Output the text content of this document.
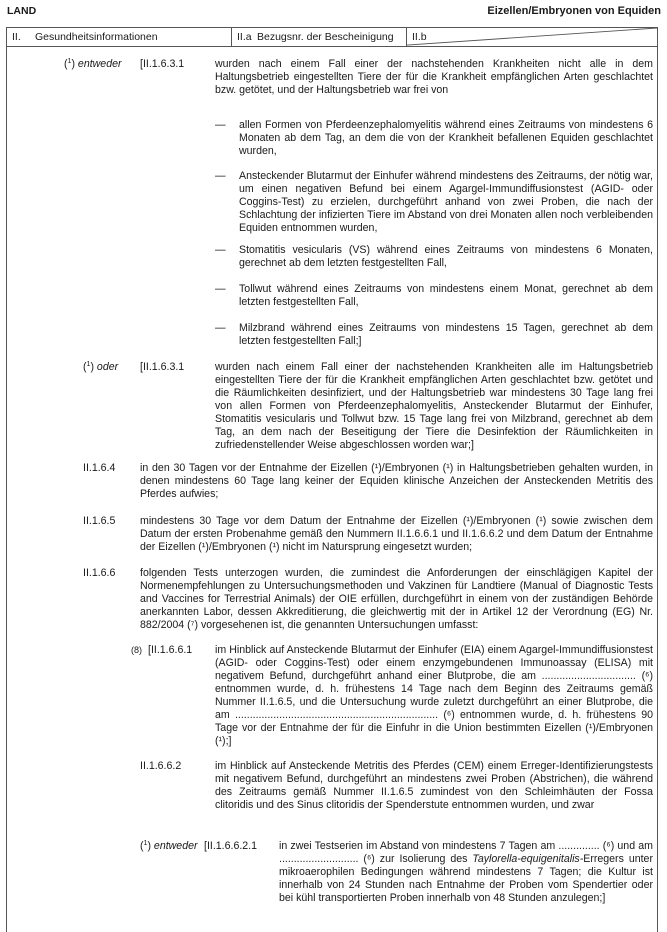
LAND	Eizellen/Embryonen von Equiden
II.	Gesundheitsinformationen	II.a Bezugsnr. der Bescheinigung II.b
($^1$) entweder [II.1.6.3.1	wurden nach einem Fall einer der nachstehenden Krankheiten nicht alle in dem Haltungsbetrieb eingestellten Tiere der für die Krankheit empfänglichen Arten geschlachtet bzw. getötet, und der Haltungsbetrieb war frei von
— allen Formen von Pferdeenzephalomyelitis während eines Zeitraums von mindestens 6 Monaten ab dem Tag, an dem die von der Krankheit befallenen Equiden geschlachtet wurden,
— Ansteckender Blutarmut der Einhufer während mindestens des Zeitraums, der nötig war, um einen negativen Befund bei einem Agargel-Immundiffusionstest (AGID- oder Coggins-Test) zu erzielen, durchgeführt anhand von zwei Proben, die nach der Schlachtung der infizierten Tiere im Abstand von drei Monaten allen noch verbleibenden Equiden entnommen wurden,
— Stomatitis vesicularis (VS) während eines Zeitraums von mindestens 6 Monaten, gerechnet ab dem letzten festgestellten Fall,
— Tollwut während eines Zeitraums von mindestens einem Monat, gerechnet ab dem letzten festgestellten Fall,
— Milzbrand während eines Zeitraums von mindestens 15 Tagen, gerechnet ab dem letzten festgestellten Fall;]
($^1$) oder [II.1.6.3.1	wurden nach einem Fall einer der nachstehenden Krankheiten alle im Haltungsbetrieb eingestellten Tiere der für die Krankheit empfänglichen Arten geschlachtet bzw. getötet und die Räumlichkeiten desinfiziert, und der Haltungsbetrieb war mindestens 30 Tage lang frei von allen Formen von Pferdeenzephalomyelitis, Ansteckender Blutarmut der Einhufer, Stomatitis vesicularis und Tollwut bzw. 15 Tage lang frei von Milzbrand, gerechnet ab dem Tag, an dem nach der Beseitigung der Tiere die Desinfektion der Räumlichkeiten in zufriedenstellender Weise abgeschlossen worden war;]
II.1.6.4 in den 30 Tagen vor der Entnahme der Eizellen (¹)/Embryonen (¹) in Haltungsbetrieben gehalten wurden, in denen mindestens 60 Tage lang keiner der Equiden klinische Anzeichen der Ansteckenden Metritis des Pferdes aufwies;
II.1.6.5 mindestens 30 Tage vor dem Datum der Entnahme der Eizellen (¹)/Embryonen (¹) sowie zwischen dem Datum der ersten Probenahme gemäß den Nummern II.1.6.6.1 und II.1.6.6.2 und dem Datum der Entnahme der Eizellen (¹)/Embryonen (¹) nicht im Natursprung eingesetzt wurden;
II.1.6.6 folgenden Tests unterzogen wurden, die zumindest die Anforderungen der einschlägigen Kapitel der Normenempfehlungen zu Untersuchungsmethoden und Vakzinen für Landtiere (Manual of Diagnostic Tests and Vaccines for Terrestrial Animals) der OIE erfüllen, durchgeführt in einem von der zuständigen Behörde anerkannten Labor, dessen Akkreditierung, die gleichwertig mit der in Artikel 12 der Verordnung (EG) Nr. 882/2004 (⁷) vorgesehenen ist, die genannten Untersuchungen umfasst:
(8) [II.1.6.6.1 im Hinblick auf Ansteckende Blutarmut der Einhufer (EIA) einem Agargel-Immundiffusionstest (AGID- oder Coggins-Test) oder einem enzymgebundenen Immunoassay (ELISA) mit negativem Befund, durchgeführt anhand einer Blutprobe, die am ................................ (⁶) entnommen wurde, d. h. frühestens 14 Tage nach dem Beginn des Zeitraums gemäß Nummer II.1.6.5, und die Untersuchung wurde zuletzt durchgeführt an einer Blutprobe, die am ..................................................................... (⁶) entnommen wurde, d. h. frühestens 90 Tage vor der Entnahme der für die Einfuhr in die Union bestimmten Eizellen (¹)/Embryonen (¹);]
II.1.6.6.2	im Hinblick auf Ansteckende Metritis des Pferdes (CEM) einem Erreger-Identifizierungstests mit negativem Befund, durchgeführt an mindestens zwei Proben (Abstrichen), die während des Zeitraums gemäß Nummer II.1.6.5 zumindest von den Schleimhäuten der Fossa clitoridis und des Sinus clitoridis der Spenderstute entnommen wurden, und zwar
($^1$) entweder [II.1.6.6.2.1 in zwei Testserien im Abstand von mindestens 7 Tagen am .............. (⁶) und am ........................... (⁶) zur Isolierung des Taylorella-equigenitalis-Erregers unter mikroaerophilen Bedingungen während mindestens 7 Tagen; die Kultur ist innerhalb von 24 Stunden nach Entnahme der Proben vom Spendertier oder bei kühl transportierten Proben innerhalb von 48 Stunden anzulegen;]
